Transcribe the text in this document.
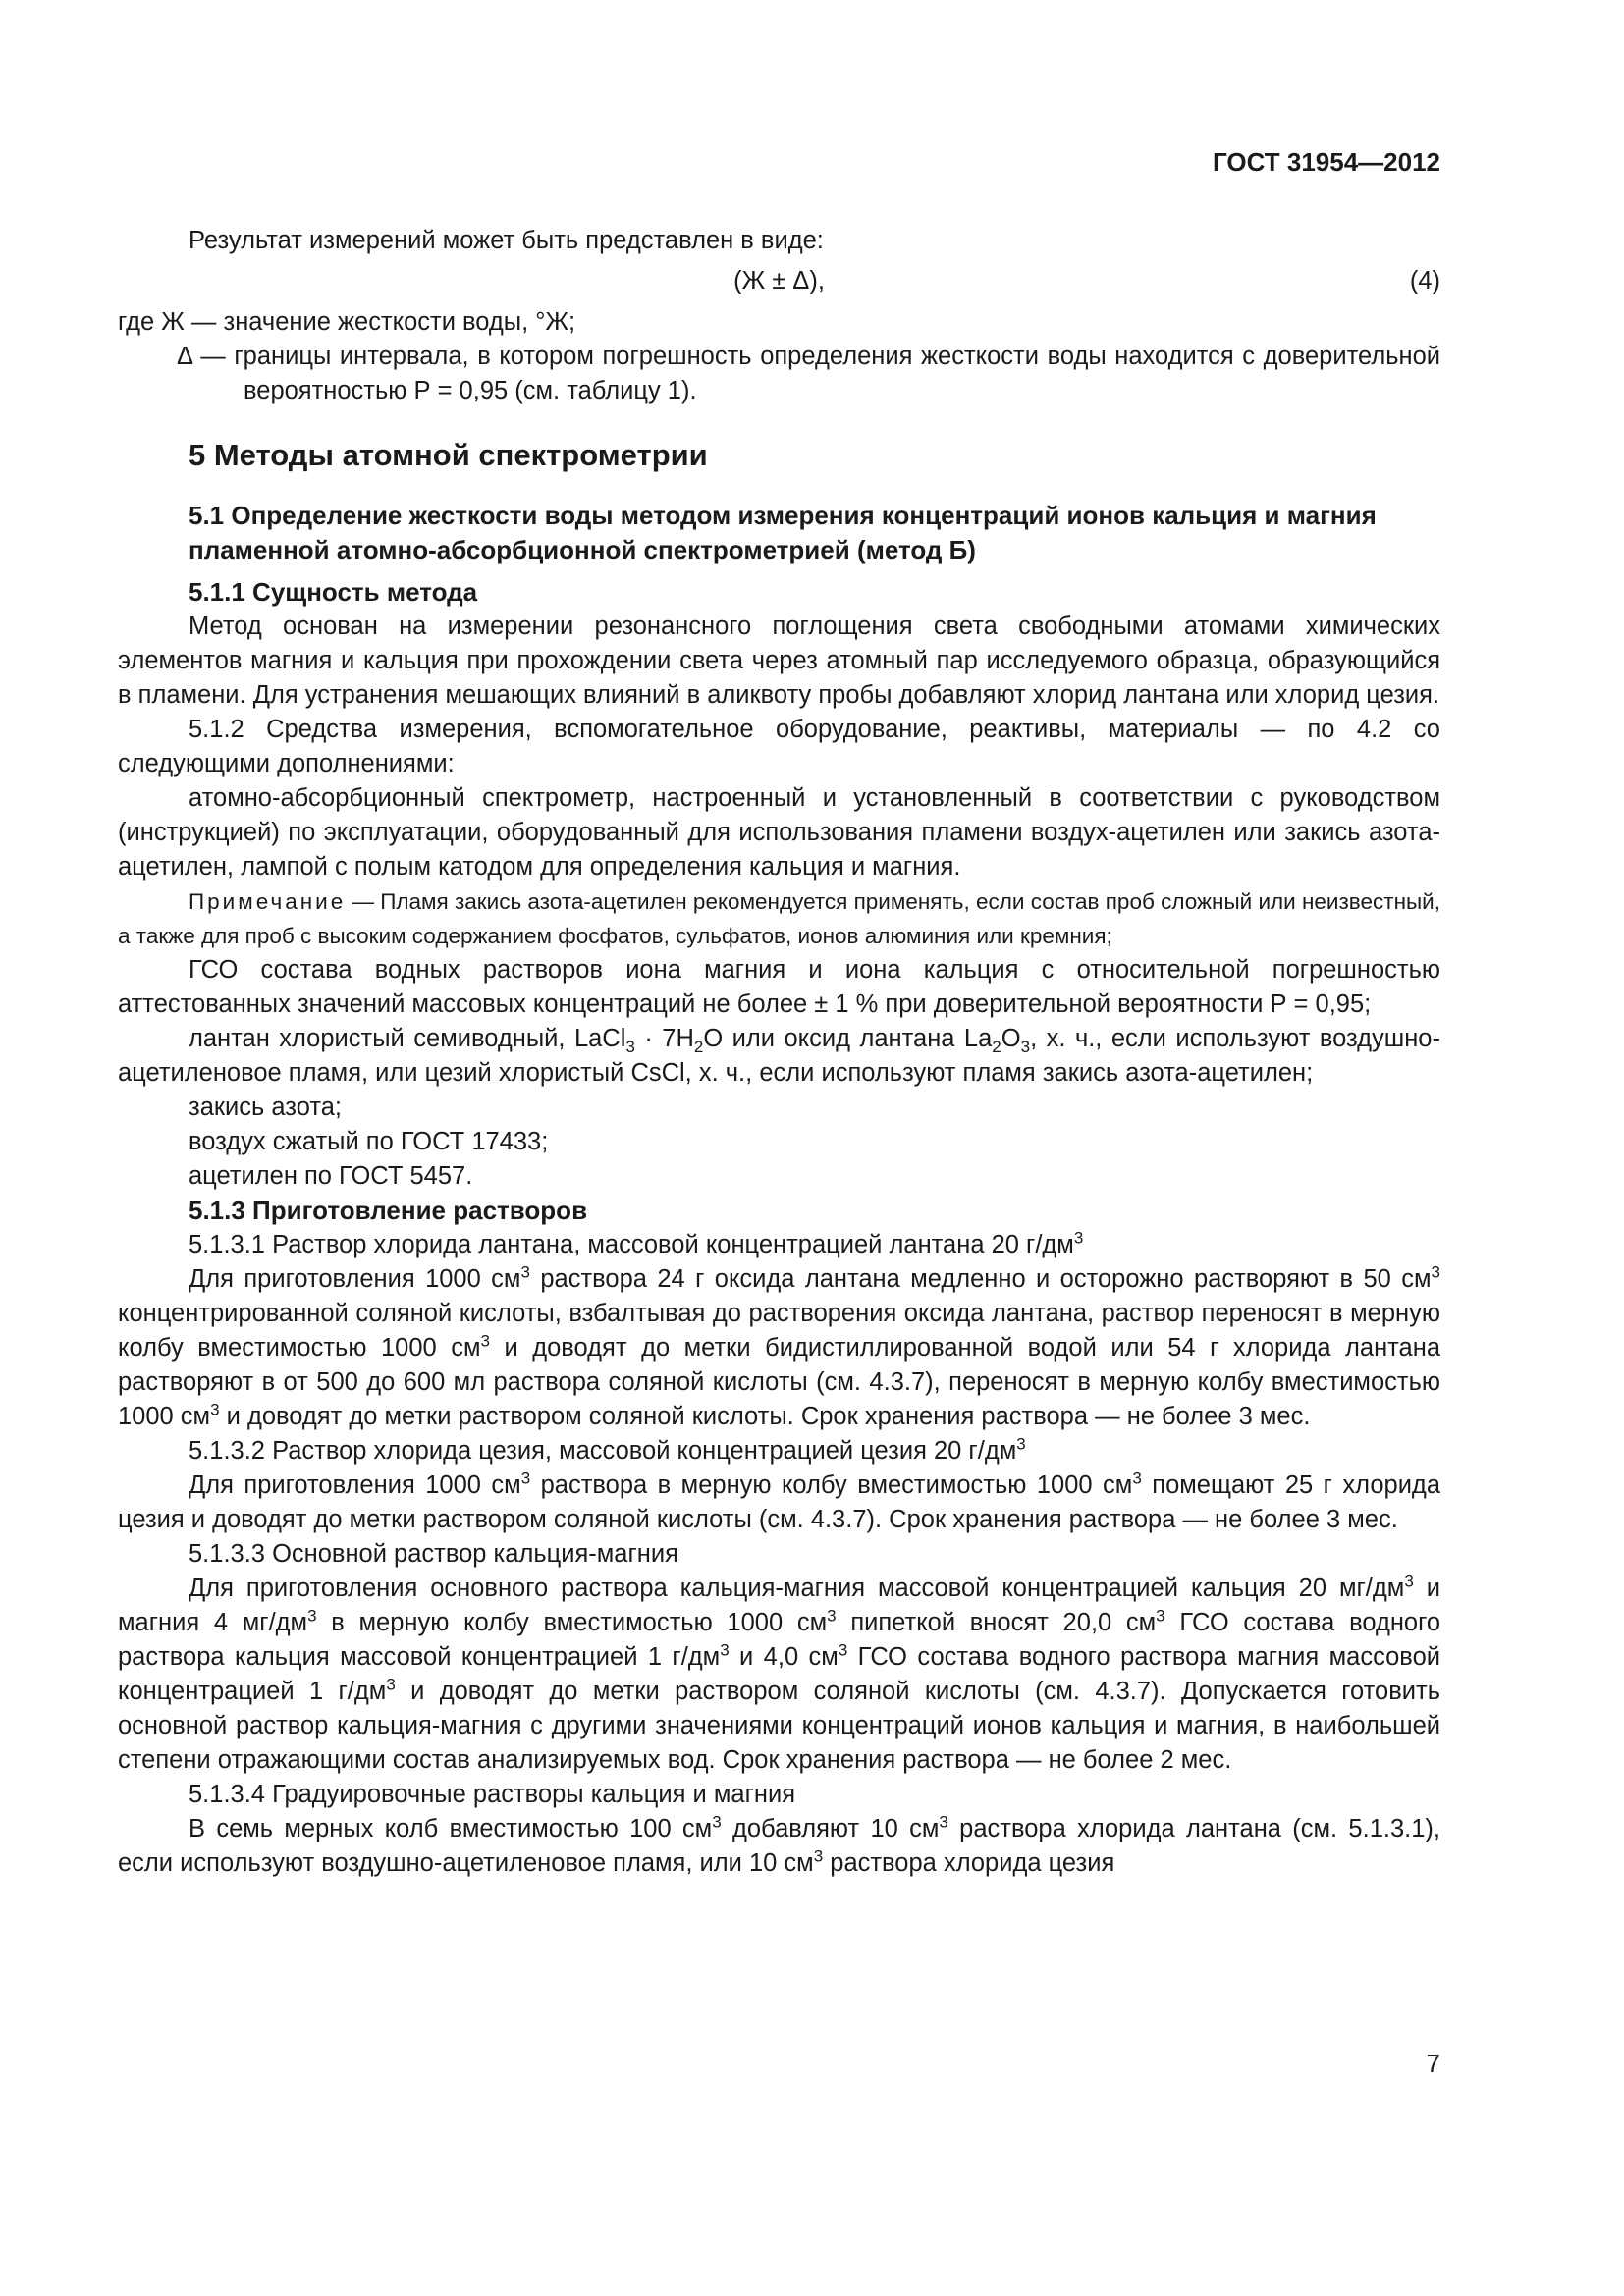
ГОСТ 31954—2012

Результат измерений может быть представлен в виде:

(Ж ± Δ),	(4)

где Ж — значение жесткости воды, °Ж;

Δ — границы интервала, в котором погрешность определения жесткости воды находится с доверительной вероятностью Р = 0,95 (см. таблицу 1).

5 Методы атомной спектрометрии
5.1 Определение жесткости воды методом измерения концентраций ионов кальция и магния пламенной атомно-абсорбционной спектрометрией (метод Б)
5.1.1 Сущность метода

Метод основан на измерении резонансного поглощения света свободными атомами химических элементов магния и кальция при прохождении света через атомный пар исследуемого образца, образующийся в пламени. Для устранения мешающих влияний в аликвоту пробы добавляют хлорид лантана или хлорид цезия.

5.1.2 Средства измерения, вспомогательное оборудование, реактивы, материалы — по 4.2 со следующими дополнениями:

атомно-абсорбционный спектрометр, настроенный и установленный в соответствии с руководством (инструкцией) по эксплуатации, оборудованный для использования пламени воздух-ацетилен или закись азота-ацетилен, лампой с полым катодом для определения кальция и магния.

Примечание — Пламя закись азота-ацетилен рекомендуется применять, если состав проб сложный или неизвестный, а также для проб с высоким содержанием фосфатов, сульфатов, ионов алюминия или кремния;

ГСО состава водных растворов иона магния и иона кальция с относительной погрешностью аттестованных значений массовых концентраций не более ± 1 % при доверительной вероятности Р = 0,95;

лантан хлористый семиводный, LaCl$_3$ · $7H_2O$ или оксид лантана $La_2O_3$, х. ч., если используют воздушно-ацетиленовое пламя, или цезий хлористый CsCl, х. ч., если используют пламя закись азота-ацетилен;

закись азота;

воздух сжатый по ГОСТ 17433;

ацетилен по ГОСТ 5457.

5.1.3 Приготовление растворов

5.1.3.1 Раствор хлорида лантана, массовой концентрацией лантана 20 $г/дм^3$

Для приготовления 1000 $см^3$ раствора 24 г оксида лантана медленно и осторожно растворяют в 50 $см^3$ концентрированной соляной кислоты, взбалтывая до растворения оксида лантана, раствор переносят в мерную колбу вместимостью 1000 $см^3$ и доводят до метки бидистиллированной водой или 54 г хлорида лантана растворяют в от 500 до 600 мл раствора соляной кислоты (см. 4.3.7), переносят в мерную колбу вместимостью 1000 $см^3$ и доводят до метки раствором соляной кислоты. Срок хранения раствора — не более 3 мес.

5.1.3.2 Раствор хлорида цезия, массовой концентрацией цезия 20 $г/дм^3$

Для приготовления 1000 $см^3$ раствора в мерную колбу вместимостью 1000 $см^3$ помещают 25 г хлорида цезия и доводят до метки раствором соляной кислоты (см. 4.3.7). Срок хранения раствора — не более 3 мес.

5.1.3.3 Основной раствор кальция-магния

Для приготовления основного раствора кальция-магния массовой концентрацией кальция 20 $мг/дм^3$ и магния 4 $мг/дм^3$ в мерную колбу вместимостью 1000 $см^3$ пипеткой вносят 20,0 $см^3$ ГСО состава водного раствора кальция массовой концентрацией 1 $г/дм^3$ и 4,0 $см^3$ ГСО состава водного раствора магния массовой концентрацией 1 $г/дм^3$ и доводят до метки раствором соляной кислоты (см. 4.3.7). Допускается готовить основной раствор кальция-магния с другими значениями концентраций ионов кальция и магния, в наибольшей степени отражающими состав анализируемых вод. Срок хранения раствора — не более 2 мес.

5.1.3.4 Градуировочные растворы кальция и магния

В семь мерных колб вместимостью 100 $см^3$ добавляют 10 $см^3$ раствора хлорида лантана (см. 5.1.3.1), если используют воздушно-ацетиленовое пламя, или 10 $см^3$ раствора хлорида цезия

7
